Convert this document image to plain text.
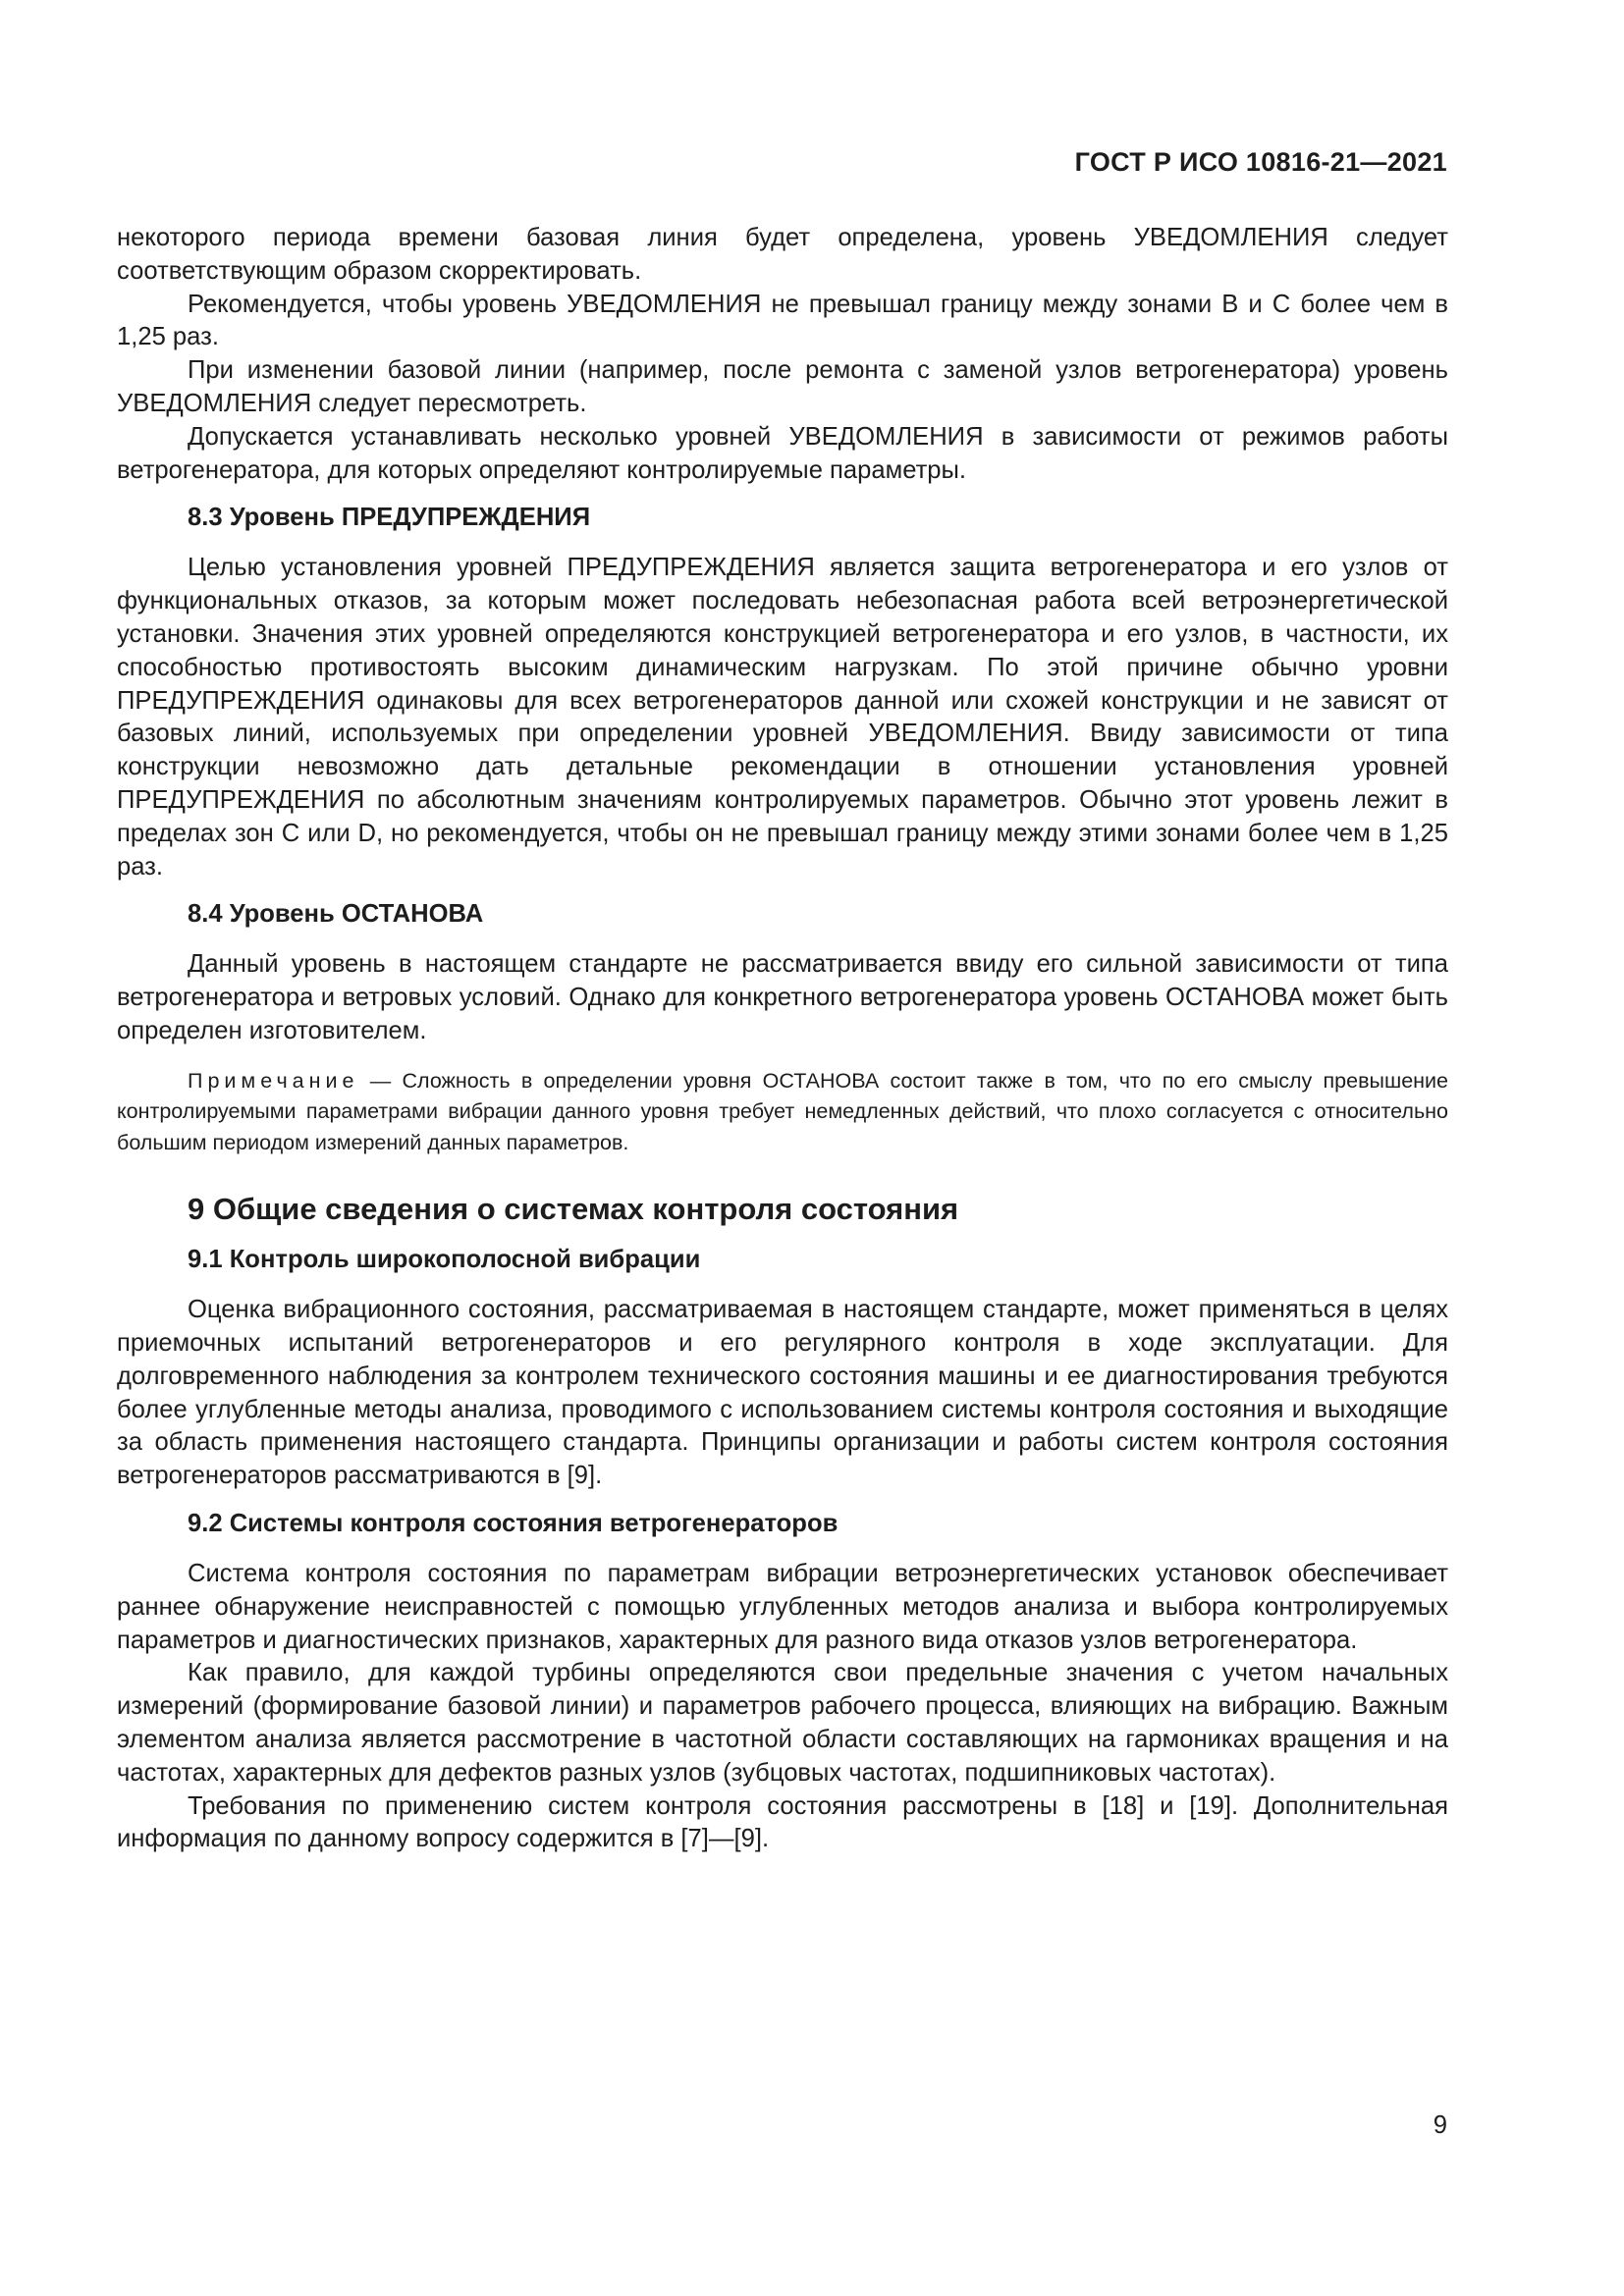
ГОСТ Р ИСО 10816-21—2021

некоторого периода времени базовая линия будет определена, уровень УВЕДОМЛЕНИЯ следует соответствующим образом скорректировать.

Рекомендуется, чтобы уровень УВЕДОМЛЕНИЯ не превышал границу между зонами В и С более чем в 1,25 раз.

При изменении базовой линии (например, после ремонта с заменой узлов ветрогенератора) уровень УВЕДОМЛЕНИЯ следует пересмотреть.

Допускается устанавливать несколько уровней УВЕДОМЛЕНИЯ в зависимости от режимов работы ветрогенератора, для которых определяют контролируемые параметры.

8.3 Уровень ПРЕДУПРЕЖДЕНИЯ

Целью установления уровней ПРЕДУПРЕЖДЕНИЯ является защита ветрогенератора и его узлов от функциональных отказов, за которым может последовать небезопасная работа всей ветроэнергетической установки. Значения этих уровней определяются конструкцией ветрогенератора и его узлов, в частности, их способностью противостоять высоким динамическим нагрузкам. По этой причине обычно уровни ПРЕДУПРЕЖДЕНИЯ одинаковы для всех ветрогенераторов данной или схожей конструкции и не зависят от базовых линий, используемых при определении уровней УВЕДОМЛЕНИЯ. Ввиду зависимости от типа конструкции невозможно дать детальные рекомендации в отношении установления уровней ПРЕДУПРЕЖДЕНИЯ по абсолютным значениям контролируемых параметров. Обычно этот уровень лежит в пределах зон С или D, но рекомендуется, чтобы он не превышал границу между этими зонами более чем в 1,25 раз.

8.4 Уровень ОСТАНОВА

Данный уровень в настоящем стандарте не рассматривается ввиду его сильной зависимости от типа ветрогенератора и ветровых условий. Однако для конкретного ветрогенератора уровень ОСТАНОВА может быть определен изготовителем.

Примечание — Сложность в определении уровня ОСТАНОВА состоит также в том, что по его смыслу превышение контролируемыми параметрами вибрации данного уровня требует немедленных действий, что плохо согласуется с относительно большим периодом измерений данных параметров.
9 Общие сведения о системах контроля состояния
9.1 Контроль широкополосной вибрации

Оценка вибрационного состояния, рассматриваемая в настоящем стандарте, может применяться в целях приемочных испытаний ветрогенераторов и его регулярного контроля в ходе эксплуатации. Для долговременного наблюдения за контролем технического состояния машины и ее диагностирования требуются более углубленные методы анализа, проводимого с использованием системы контроля состояния и выходящие за область применения настоящего стандарта. Принципы организации и работы систем контроля состояния ветрогенераторов рассматриваются в [9].

9.2 Системы контроля состояния ветрогенераторов

Система контроля состояния по параметрам вибрации ветроэнергетических установок обеспечивает раннее обнаружение неисправностей с помощью углубленных методов анализа и выбора контролируемых параметров и диагностических признаков, характерных для разного вида отказов узлов ветрогенератора.

Как правило, для каждой турбины определяются свои предельные значения с учетом начальных измерений (формирование базовой линии) и параметров рабочего процесса, влияющих на вибрацию. Важным элементом анализа является рассмотрение в частотной области составляющих на гармониках вращения и на частотах, характерных для дефектов разных узлов (зубцовых частотах, подшипниковых частотах).

Требования по применению систем контроля состояния рассмотрены в [18] и [19]. Дополнительная информация по данному вопросу содержится в [7]—[9].

9
